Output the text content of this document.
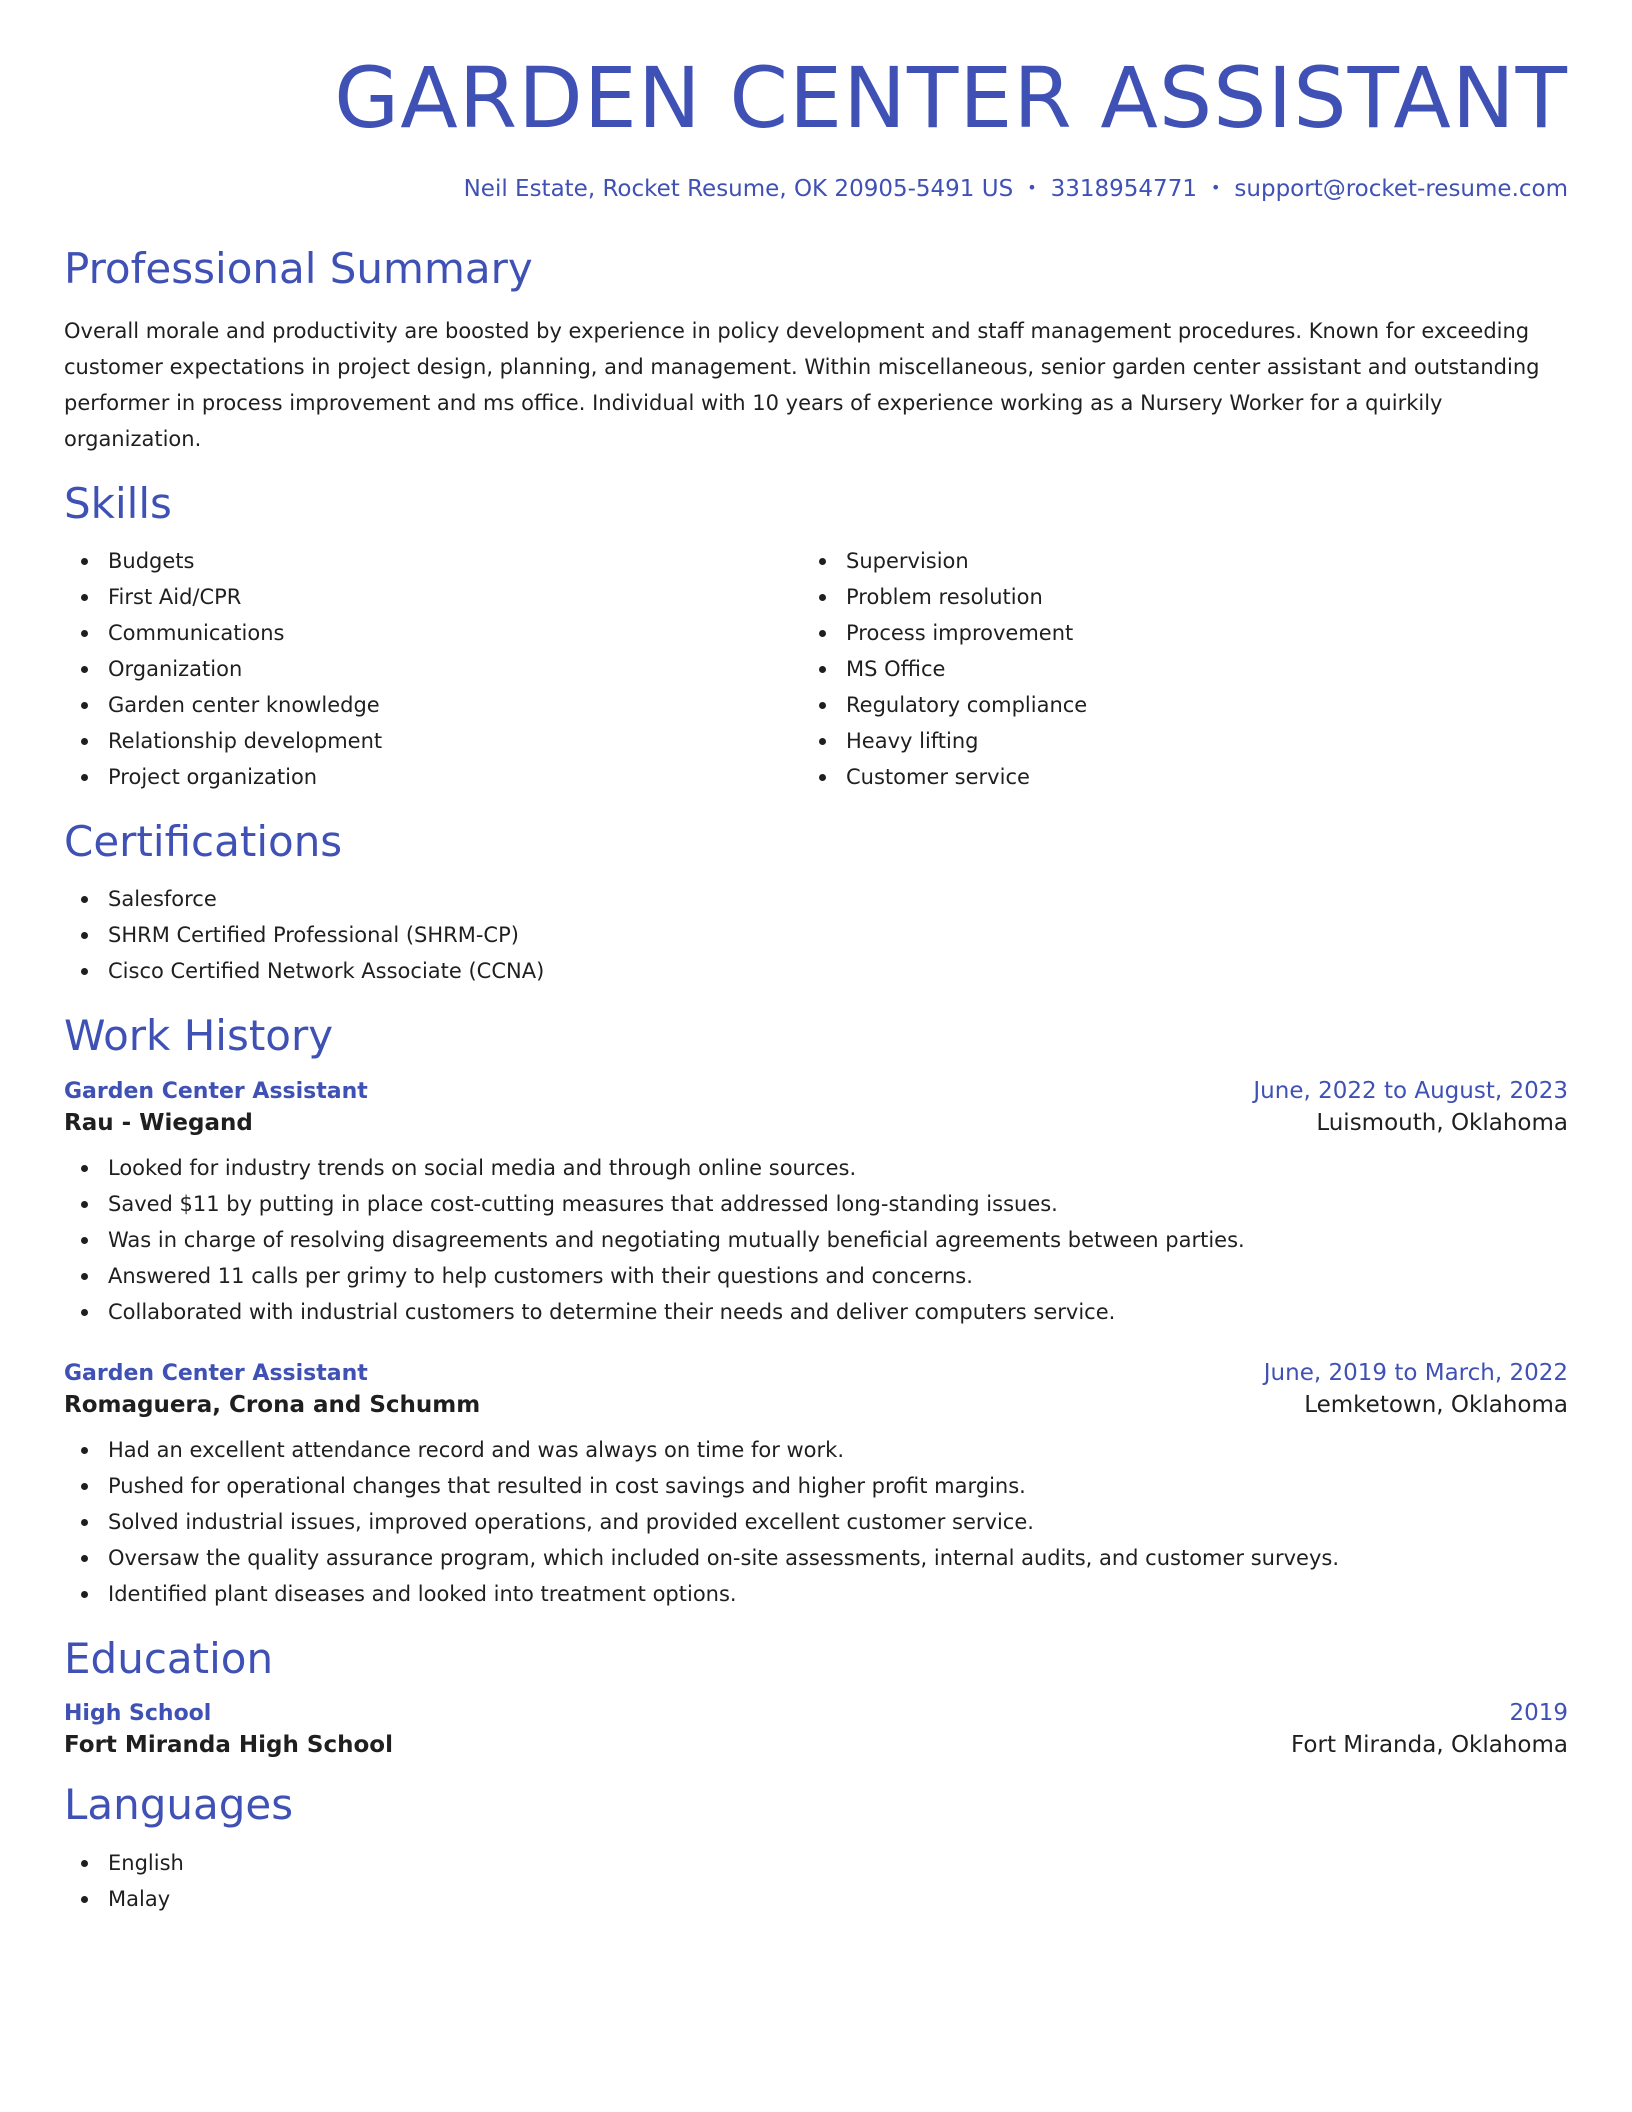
GARDEN CENTER ASSISTANT
Neil Estate, Rocket Resume, OK 20905-5491 US • 3318954771 • support@rocket-resume.com
Professional Summary
Overall morale and productivity are boosted by experience in policy development and staff management procedures. Known for exceeding customer expectations in project design, planning, and management. Within miscellaneous, senior garden center assistant and outstanding performer in process improvement and ms office. Individual with 10 years of experience working as a Nursery Worker for a quirkily organization.
Skills
Budgets
First Aid/CPR
Communications
Organization
Garden center knowledge
Relationship development
Project organization
Supervision
Problem resolution
Process improvement
MS Office
Regulatory compliance
Heavy lifting
Customer service
Certifications
Salesforce
SHRM Certified Professional (SHRM-CP)
Cisco Certified Network Associate (CCNA)
Work History
Garden Center Assistant	June, 2022 to August, 2023
Rau - Wiegand	Luismouth, Oklahoma
Looked for industry trends on social media and through online sources.
Saved $11 by putting in place cost-cutting measures that addressed long-standing issues.
Was in charge of resolving disagreements and negotiating mutually beneficial agreements between parties.
Answered 11 calls per grimy to help customers with their questions and concerns.
Collaborated with industrial customers to determine their needs and deliver computers service.
Garden Center Assistant	June, 2019 to March, 2022
Romaguera, Crona and Schumm	Lemketown, Oklahoma
Had an excellent attendance record and was always on time for work.
Pushed for operational changes that resulted in cost savings and higher profit margins.
Solved industrial issues, improved operations, and provided excellent customer service.
Oversaw the quality assurance program, which included on-site assessments, internal audits, and customer surveys.
Identified plant diseases and looked into treatment options.
Education
High School	2019
Fort Miranda High School	Fort Miranda, Oklahoma
Languages
English
Malay
